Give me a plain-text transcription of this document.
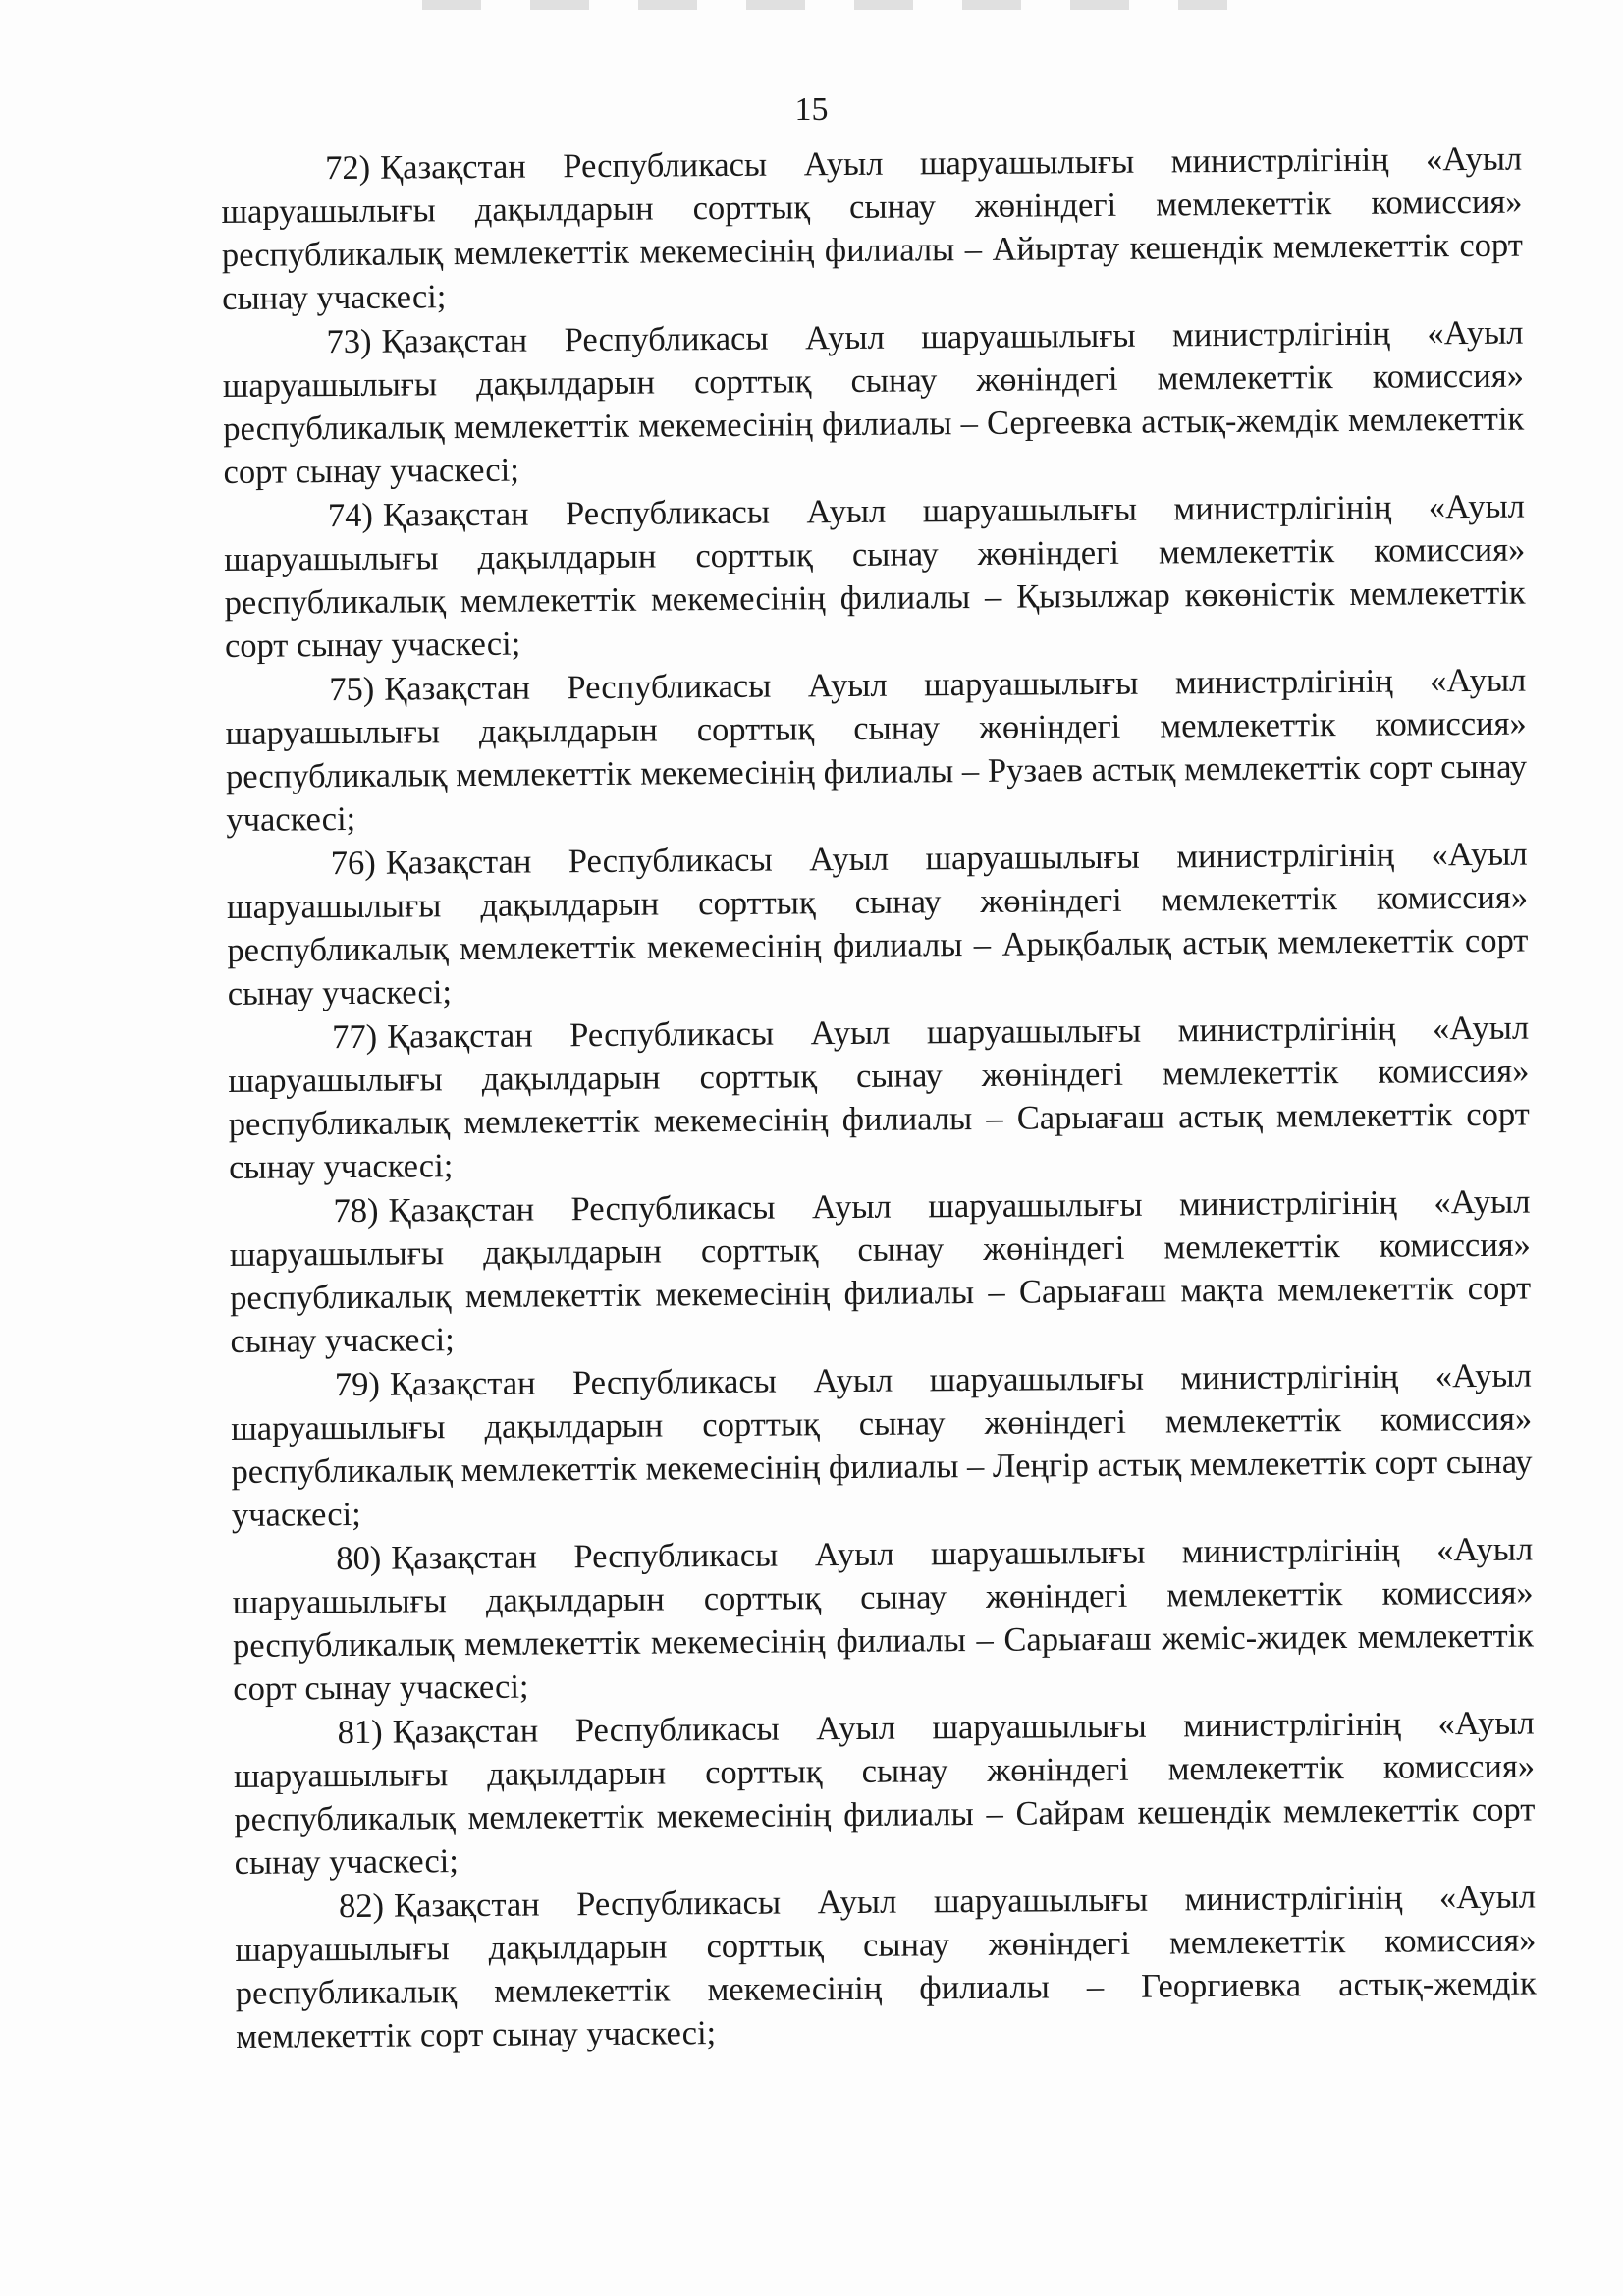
15

72) Қазақстан Республикасы Ауыл шаруашылығы министрлігінің «Ауыл шаруашылығы дақылдарын сорттық сынау жөніндегі мемлекеттік комиссия» республикалық мемлекеттік мекемесінің филиалы – Айыртау кешендік мемлекеттік сорт сынау учаскесі;

73) Қазақстан Республикасы Ауыл шаруашылығы министрлігінің «Ауыл шаруашылығы дақылдарын сорттық сынау жөніндегі мемлекеттік комиссия» республикалық мемлекеттік мекемесінің филиалы – Сергеевка астық-жемдік мемлекеттік сорт сынау учаскесі;

74) Қазақстан Республикасы Ауыл шаруашылығы министрлігінің «Ауыл шаруашылығы дақылдарын сорттық сынау жөніндегі мемлекеттік комиссия» республикалық мемлекеттік мекемесінің филиалы – Қызылжар көкөністік мемлекеттік сорт сынау учаскесі;

75) Қазақстан Республикасы Ауыл шаруашылығы министрлігінің «Ауыл шаруашылығы дақылдарын сорттық сынау жөніндегі мемлекеттік комиссия» республикалық мемлекеттік мекемесінің филиалы – Рузаев астық мемлекеттік сорт сынау учаскесі;

76) Қазақстан Республикасы Ауыл шаруашылығы министрлігінің «Ауыл шаруашылығы дақылдарын сорттық сынау жөніндегі мемлекеттік комиссия» республикалық мемлекеттік мекемесінің филиалы – Арықбалық астық мемлекеттік сорт сынау учаскесі;

77) Қазақстан Республикасы Ауыл шаруашылығы министрлігінің «Ауыл шаруашылығы дақылдарын сорттық сынау жөніндегі мемлекеттік комиссия» республикалық мемлекеттік мекемесінің филиалы – Сарыағаш астық мемлекеттік сорт сынау учаскесі;

78) Қазақстан Республикасы Ауыл шаруашылығы министрлігінің «Ауыл шаруашылығы дақылдарын сорттық сынау жөніндегі мемлекеттік комиссия» республикалық мемлекеттік мекемесінің филиалы – Сарыағаш мақта мемлекеттік сорт сынау учаскесі;

79) Қазақстан Республикасы Ауыл шаруашылығы министрлігінің «Ауыл шаруашылығы дақылдарын сорттық сынау жөніндегі мемлекеттік комиссия» республикалық мемлекеттік мекемесінің филиалы – Леңгір астық мемлекеттік сорт сынау учаскесі;

80) Қазақстан Республикасы Ауыл шаруашылығы министрлігінің «Ауыл шаруашылығы дақылдарын сорттық сынау жөніндегі мемлекеттік комиссия» республикалық мемлекеттік мекемесінің филиалы – Сарыағаш жеміс-жидек мемлекеттік сорт сынау учаскесі;

81) Қазақстан Республикасы Ауыл шаруашылығы министрлігінің «Ауыл шаруашылығы дақылдарын сорттық сынау жөніндегі мемлекеттік комиссия» республикалық мемлекеттік мекемесінің филиалы – Сайрам кешендік мемлекеттік сорт сынау учаскесі;

82) Қазақстан Республикасы Ауыл шаруашылығы министрлігінің «Ауыл шаруашылығы дақылдарын сорттық сынау жөніндегі мемлекеттік комиссия» республикалық мемлекеттік мекемесінің филиалы – Георгиевка астық-жемдік мемлекеттік сорт сынау учаскесі;
